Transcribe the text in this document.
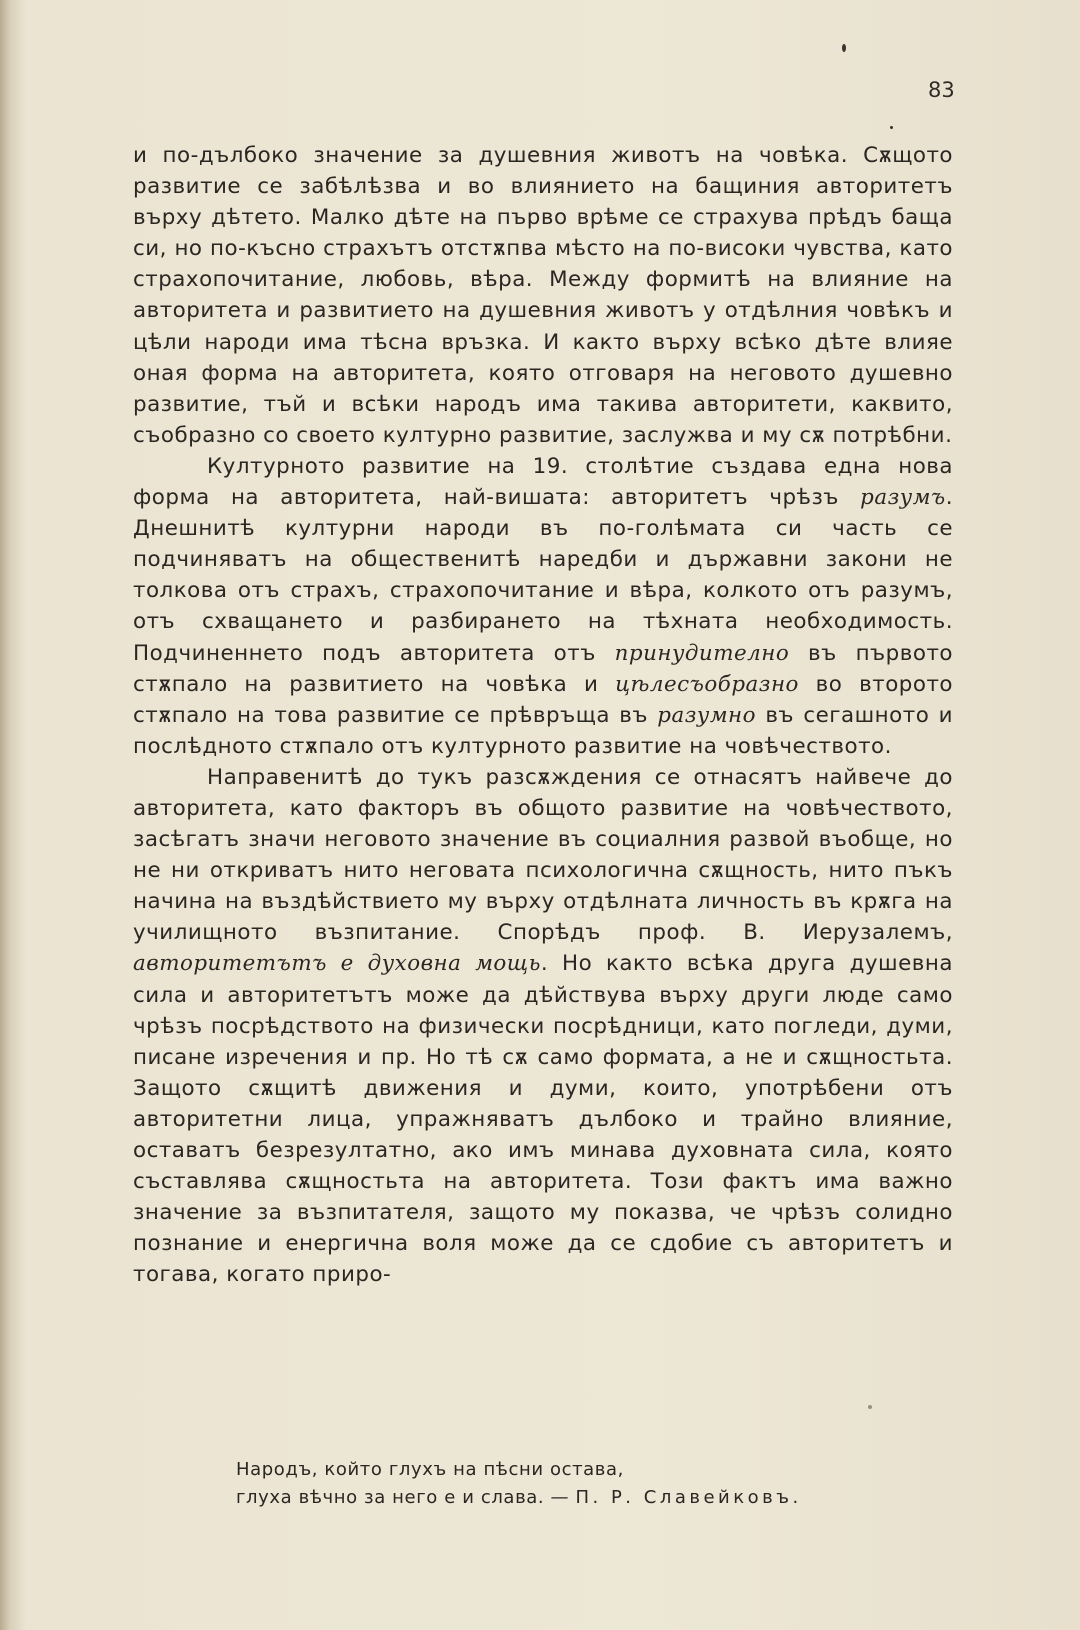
83

и по-дълбоко значение за душевния животъ на човѣка. Сѫщото развитие се забѣлѣзва и во влиянието на бащиния авторитетъ върху дѣтето. Малко дѣте на първо врѣме се страхува прѣдъ баща си, но по-късно страхътъ отстѫпва мѣсто на по-високи чувства, като страхопочитание, любовь, вѣра. Между формитѣ на влияние на авторитета и развитието на душевния животъ у отдѣлния човѣкъ и цѣли народи има тѣсна връзка. И както върху всѣко дѣте влияе оная форма на авторитета, която отговаря на неговото душевно развитие, тъй и всѣки народъ има такива авторитети, каквито, съобразно со своето културно развитие, заслужва и му сѫ потрѣбни.

Културното развитие на 19. столѣтие създава една нова форма на авторитета, най-вишата: авторитетъ чрѣзъ разумъ. Днешнитѣ културни народи въ по-голѣмата си часть се подчиняватъ на общественитѣ наредби и държавни закони не толкова отъ страхъ, страхопочитание и вѣра, колкото отъ разумъ, отъ схващането и разбирането на тѣхната необходимость. Подчиненнето подъ авторитета отъ принудително въ първото стѫпало на развитието на човѣка и цѣлесъобразно во второто стѫпало на това развитие се прѣвръща въ разумно въ сегашното и послѣдното стѫпало отъ културното развитие на човѣчеството.

Направенитѣ до тукъ разсѫждения се отнасятъ найвече до авторитета, като факторъ въ общото развитие на човѣчеството, засѣгатъ значи неговото значение въ социалния развой въобще, но не ни откриватъ нито неговата психологична сѫщность, нито пъкъ начина на въздѣйствието му върху отдѣлната личность въ крѫга на училищното възпитание. Спорѣдъ проф. В. Иерузалемъ, авторитетътъ е духовна мощь. Но както всѣка друга душевна сила и авторитетътъ може да дѣйствува върху други люде само чрѣзъ посрѣдството на физически посрѣдници, като погледи, думи, писане изречения и пр. Но тѣ сѫ само формата, а не и сѫщностьта. Защото сѫщитѣ движения и думи, които, употрѣбени отъ авторитетни лица, упражняватъ дълбоко и трайно влияние, оставатъ безрезултатно, ако имъ минава духовната сила, която съставлява сѫщностьта на авторитета. Този фактъ има важно значение за възпитателя, защото му показва, че чрѣзъ солидно познание и енергична воля може да се сдобие съ авторитетъ и тогава, когато приро-

Народъ, който глухъ на пѣсни остава,
глуха вѣчно за него е и слава. — П. Р. Славейковъ.
